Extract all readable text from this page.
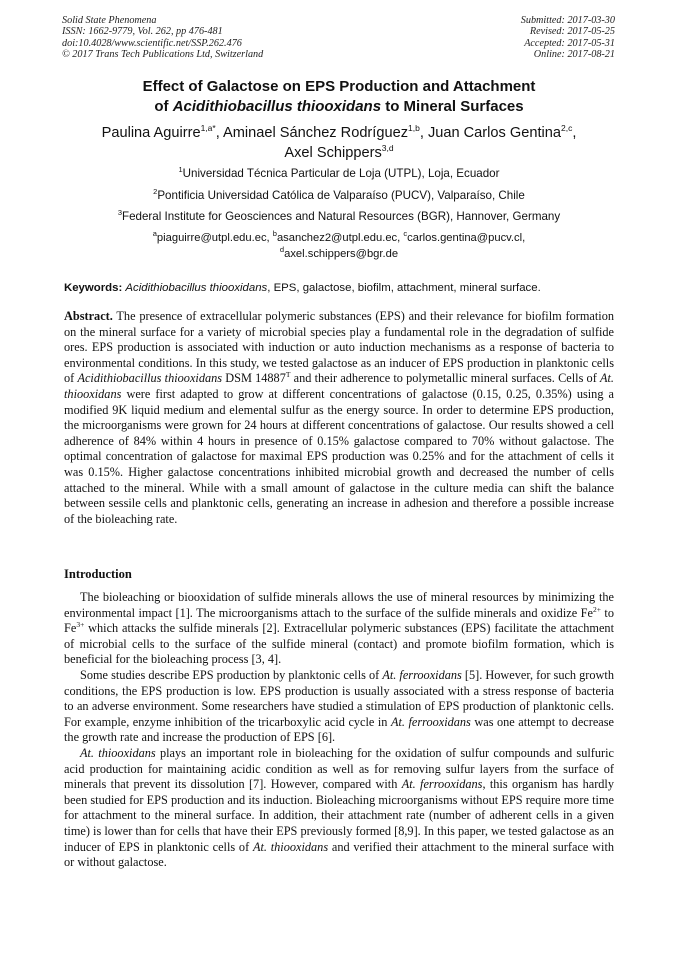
Solid State Phenomena
ISSN: 1662-9779, Vol. 262, pp 476-481
doi:10.4028/www.scientific.net/SSP.262.476
© 2017 Trans Tech Publications Ltd, Switzerland
Submitted: 2017-03-30
Revised: 2017-05-25
Accepted: 2017-05-31
Online: 2017-08-21
Effect of Galactose on EPS Production and Attachment
of Acidithiobacillus thiooxidans to Mineral Surfaces
Paulina Aguirre$^{1,a*}$, Aminael Sánchez Rodríguez$^{1,b}$, Juan Carlos Gentina$^{2,c}$,
Axel Schippers$^{3,d}$
$^1$Universidad Técnica Particular de Loja (UTPL), Loja, Ecuador
$^2$Pontificia Universidad Católica de Valparaíso (PUCV), Valparaíso, Chile
$^3$Federal Institute for Geosciences and Natural Resources (BGR), Hannover, Germany
$^a$piaguirre@utpl.edu.ec, $^b$asanchez2@utpl.edu.ec, $^c$carlos.gentina@pucv.cl,
$^d$axel.schippers@bgr.de
Keywords: Acidithiobacillus thiooxidans, EPS, galactose, biofilm, attachment, mineral surface.

Abstract. The presence of extracellular polymeric substances (EPS) and their relevance for biofilm formation on the mineral surface for a variety of microbial species play a fundamental role in the degradation of sulfide ores. EPS production is associated with induction or auto induction mechanisms as a response of bacteria to environmental conditions. In this study, we tested galactose as an inducer of EPS production in planktonic cells of Acidithiobacillus thiooxidans DSM $14887^T$ and their adherence to polymetallic mineral surfaces. Cells of At. thiooxidans were first adapted to grow at different concentrations of galactose (0.15, 0.25, 0.35%) using a modified 9K liquid medium and elemental sulfur as the energy source. In order to determine EPS production, the microorganisms were grown for 24 hours at different concentrations of galactose. Our results showed a cell adherence of 84% within 4 hours in presence of 0.15% galactose compared to 70% without galactose. The optimal concentration of galactose for maximal EPS production was 0.25% and for the attachment of cells it was 0.15%. Higher galactose concentrations inhibited microbial growth and decreased the number of cells attached to the mineral. While with a small amount of galactose in the culture media can shift the balance between sessile cells and planktonic cells, generating an increase in adhesion and therefore a possible increase of the bioleaching rate.

Introduction

The bioleaching or biooxidation of sulfide minerals allows the use of mineral resources by minimizing the environmental impact [1]. The microorganisms attach to the surface of the sulfide minerals and oxidize $Fe^{2+}$ to $Fe^{3+}$ which attacks the sulfide minerals [2]. Extracellular polymeric substances (EPS) facilitate the attachment of microbial cells to the surface of the sulfide mineral (contact) and promote biofilm formation, which is beneficial for the bioleaching process [3, 4].

Some studies describe EPS production by planktonic cells of At. ferrooxidans [5]. However, for such growth conditions, the EPS production is low. EPS production is usually associated with a stress response of bacteria to an adverse environment. Some researchers have studied a stimulation of EPS production of planktonic cells. For example, enzyme inhibition of the tricarboxylic acid cycle in At. ferrooxidans was one attempt to decrease the growth rate and increase the production of EPS [6].

At. thiooxidans plays an important role in bioleaching for the oxidation of sulfur compounds and sulfuric acid production for maintaining acidic condition as well as for removing sulfur layers from the surface of minerals that prevent its dissolution [7]. However, compared with At. ferrooxidans, this organism has hardly been studied for EPS production and its induction. Bioleaching microorganisms without EPS require more time for attachment to the mineral surface. In addition, their attachment rate (number of adherent cells in a given time) is lower than for cells that have their EPS previously formed [8,9]. In this paper, we tested galactose as an inducer of EPS in planktonic cells of At. thiooxidans and verified their attachment to the mineral surface with or without galactose.
